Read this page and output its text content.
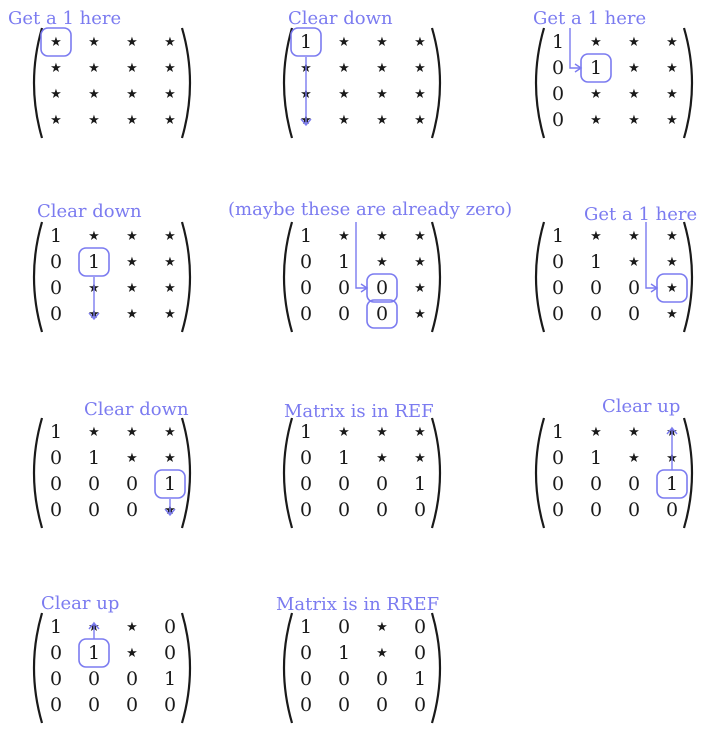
Get a 1 here
★ ★ ★ ★
★ ★ ★ ★
★ ★ ★ ★
★ ★ ★ ★
Clear down
1 ★ ★ ★
★ ★ ★ ★
★ ★ ★ ★
★ ★ ★ ★
Get a 1 here
1 ★ ★ ★
0 1 ★ ★
0 ★ ★ ★
0 ★ ★ ★
Clear down
1 ★ ★ ★
0 1 ★ ★
0 ★ ★ ★
0 ★ ★ ★
(maybe these are already zero)
1 ★ ★ ★
0 1 ★ ★
0 0 0 ★
0 0 0 ★
Get a 1 here
1 ★ ★ ★
0 1 ★ ★
0 0 0 ★
0 0 0 ★
Clear down
1 ★ ★ ★
0 1 ★ ★
0 0 0 1
0 0 0 ★
Matrix is in REF
1 ★ ★ ★
0 1 ★ ★
0 0 0 1
0 0 0 0
Clear up
1 ★ ★ ★
0 1 ★ ★
0 0 0 1
0 0 0 0
Clear up
1 ★ ★ 0
0 1 ★ 0
0 0 0 1
0 0 0 0
Matrix is in RREF
1 0 ★ 0
0 1 ★ 0
0 0 0 1
0 0 0 0
